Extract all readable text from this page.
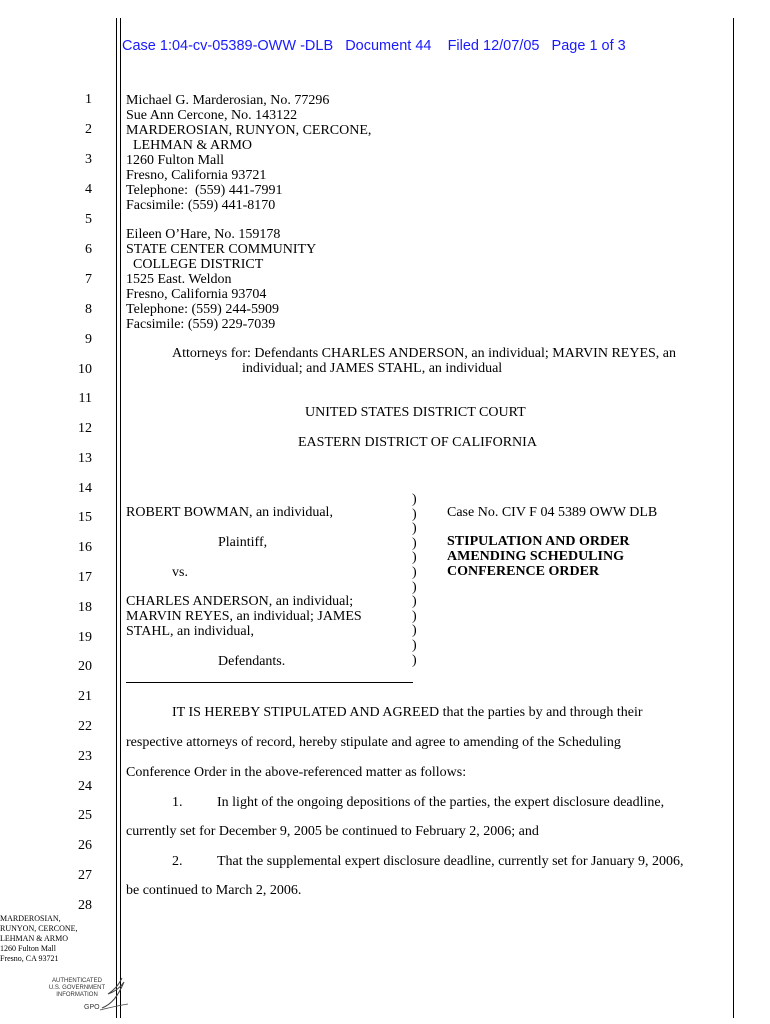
Case 1:04-cv-05389-OWW -DLB   Document 44    Filed 12/07/05   Page 1 of 3
1
2
3
4
5
6
7
8
9
10
11
12
13
14
15
16
17
18
19
20
21
22
23
24
25
26
27
28
Michael G. Marderosian, No. 77296
Sue Ann Cercone, No. 143122
MARDEROSIAN, RUNYON, CERCONE,
LEHMAN & ARMO
1260 Fulton Mall
Fresno, California 93721
Telephone:  (559) 441-7991
Facsimile: (559) 441-8170
Eileen O’Hare, No. 159178
STATE CENTER COMMUNITY
COLLEGE DISTRICT
1525 East. Weldon
Fresno, California 93704
Telephone: (559) 244-5909
Facsimile: (559) 229-7039
Attorneys for: Defendants CHARLES ANDERSON, an individual; MARVIN REYES, an
individual; and JAMES STAHL, an individual
UNITED STATES DISTRICT COURT
EASTERN DISTRICT OF CALIFORNIA
ROBERT BOWMAN, an individual,
Plaintiff,
vs.
CHARLES ANDERSON, an individual;
MARVIN REYES, an individual; JAMES
STAHL, an individual,
Defendants.
)
)
)
)
)
)
)
)
)
)
)
)
Case No. CIV F 04 5389 OWW DLB
STIPULATION AND ORDER
AMENDING SCHEDULING
CONFERENCE ORDER
IT IS HEREBY STIPULATED AND AGREED that the parties by and through their
respective attorneys of record, hereby stipulate and agree to amending of the Scheduling
Conference Order in the above-referenced matter as follows:
1. In light of the ongoing depositions of the parties, the expert disclosure deadline,
currently set for December 9, 2005 be continued to February 2, 2006; and
2. That the supplemental expert disclosure deadline, currently set for January 9, 2006,
be continued to March 2, 2006.
MARDEROSIAN,
RUNYON, CERCONE,
LEHMAN & ARMO
1260 Fulton Mall
Fresno, CA 93721
AUTHENTICATED
U.S. GOVERNMENT
INFORMATION
GPO
